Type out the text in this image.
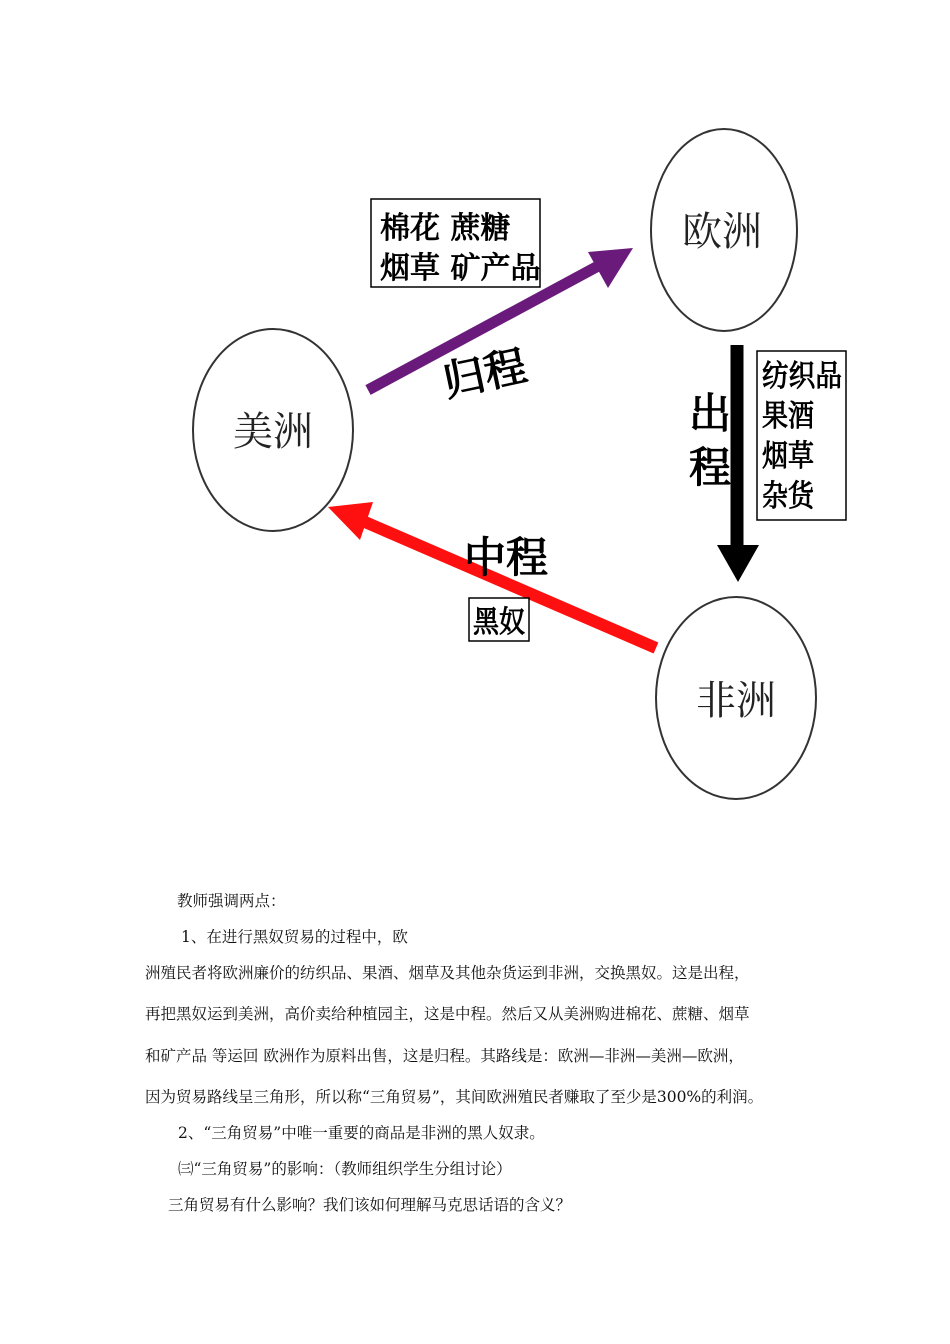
欧洲
美洲
非洲
归程
出
程
中程
棉花 蔗糖
烟草 矿产品
纺织品
果酒
烟草
杂货
黑奴

教师强调两点：

1、在进行黑奴贸易的过程中，欧

洲殖民者将欧洲廉价的纺织品、果酒、烟草及其他杂货运到非洲，交换黑奴。这是出程，

再把黑奴运到美洲，高价卖给种植园主，这是中程。然后又从美洲购进棉花、蔗糖、烟草

和矿产品 等运回 欧洲作为原料出售，这是归程。其路线是：欧洲—非洲—美洲—欧洲，

因为贸易路线呈三角形，所以称“三角贸易”，其间欧洲殖民者赚取了至少是300%的利润。

2、“三角贸易”中唯一重要的商品是非洲的黑人奴隶。

㈢“三角贸易”的影响：（教师组织学生分组讨论）

三角贸易有什么影响？我们该如何理解马克思话语的含义？
